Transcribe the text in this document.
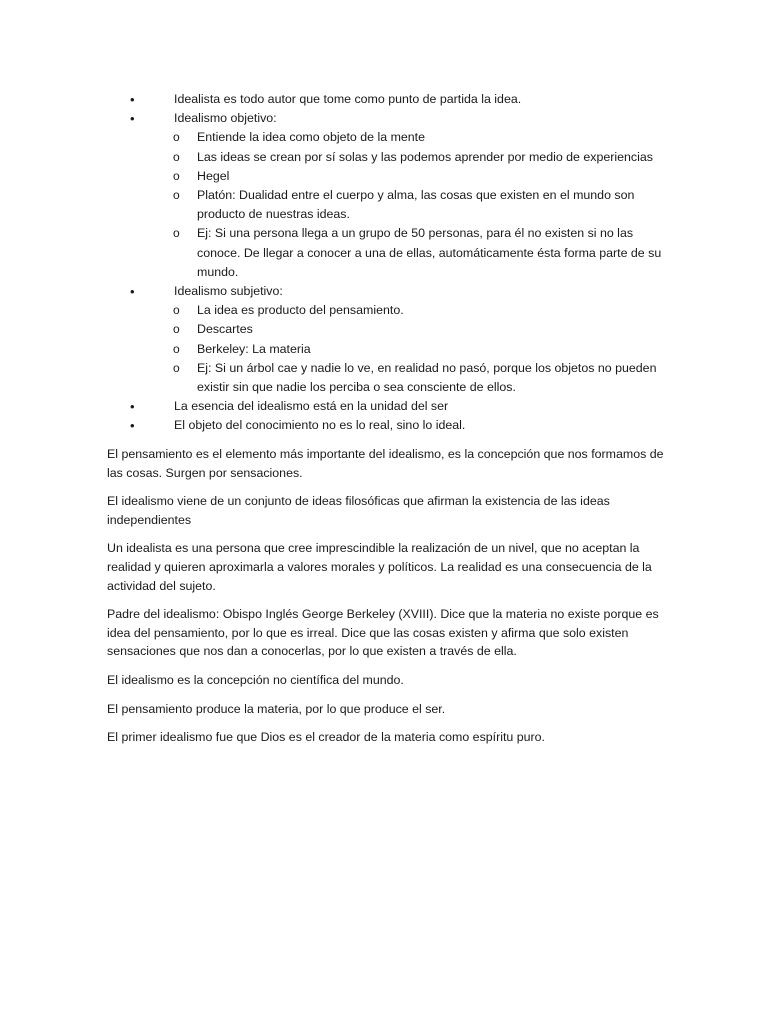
• Idealista es todo autor que tome como punto de partida la idea.
• Idealismo objetivo:
o Entiende la idea como objeto de la mente
o Las ideas se crean por sí solas y las podemos aprender por medio de experiencias
o Hegel
o Platón: Dualidad entre el cuerpo y alma, las cosas que existen en el mundo son producto de nuestras ideas.
o Ej: Si una persona llega a un grupo de 50 personas, para él no existen si no las conoce. De llegar a conocer a una de ellas, automáticamente ésta forma parte de su mundo.
• Idealismo subjetivo:
o La idea es producto del pensamiento.
o Descartes
o Berkeley: La materia
o Ej: Si un árbol cae y nadie lo ve, en realidad no pasó, porque los objetos no pueden existir sin que nadie los perciba o sea consciente de ellos.
• La esencia del idealismo está en la unidad del ser
• El objeto del conocimiento no es lo real, sino lo ideal.

El pensamiento es el elemento más importante del idealismo, es la concepción que nos formamos de las cosas. Surgen por sensaciones.

El idealismo viene de un conjunto de ideas filosóficas que afirman la existencia de las ideas independientes

Un idealista es una persona que cree imprescindible la realización de un nivel, que no aceptan la realidad y quieren aproximarla a valores morales y políticos. La realidad es una consecuencia de la actividad del sujeto.

Padre del idealismo: Obispo Inglés George Berkeley (XVIII). Dice que la materia no existe porque es idea del pensamiento, por lo que es irreal. Dice que las cosas existen y afirma que solo existen sensaciones que nos dan a conocerlas, por lo que existen a través de ella.

El idealismo es la concepción no científica del mundo.

El pensamiento produce la materia, por lo que produce el ser.

El primer idealismo fue que Dios es el creador de la materia como espíritu puro.
